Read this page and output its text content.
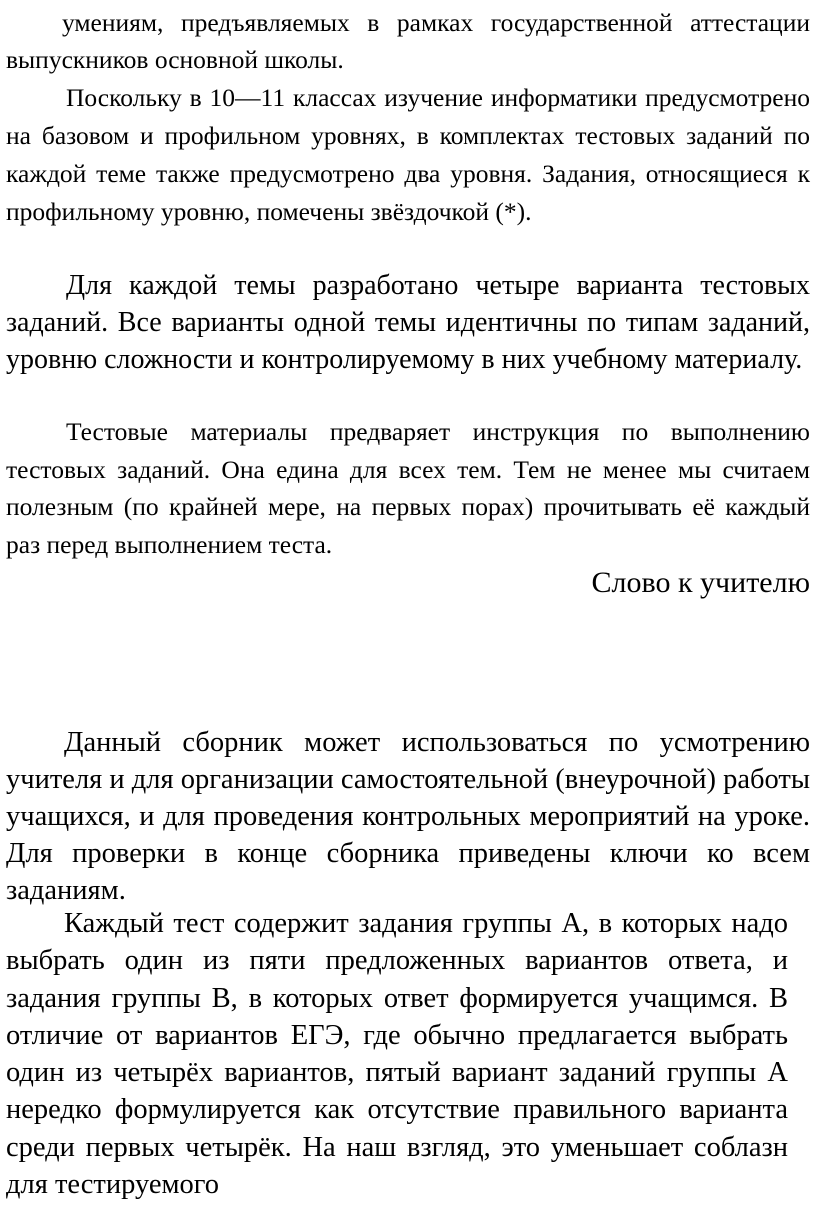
умениям, предъявляемых в рамках государственной аттестации выпускников основной школы.

Поскольку в 10—11 классах изучение информатики предусмотрено на базовом и профильном уровнях, в комплектах тестовых заданий по каждой теме также предусмотрено два уровня. Задания, относящиеся к профильному уровню, помечены звёздочкой (*).

Для каждой темы разработано четыре варианта тестовых заданий. Все варианты одной темы идентичны по типам заданий, уровню сложности и контролируемому в них учебному материалу.

Тестовые материалы предваряет инструкция по выполнению тестовых заданий. Она едина для всех тем. Тем не менее мы считаем полезным (по крайней мере, на первых порах) прочитывать её каждый раз перед выполнением теста.

Слово к учителю

Данный сборник может использоваться по усмотрению учителя и для организации самостоятельной (внеурочной) работы учащихся, и для проведения контрольных мероприятий на уроке. Для проверки в конце сборника приведены ключи ко всем заданиям.

Каждый тест содержит задания группы А, в которых надо выбрать один из пяти предложенных вариантов ответа, и задания группы В, в которых ответ формируется учащимся. В отличие от вариантов ЕГЭ, где обычно предлагается выбрать один из четырёх вариантов, пятый вариант заданий группы А нередко формулируется как отсутствие правильного варианта среди первых четырёк. На наш взгляд, это уменьшает соблазн для тестируемого
